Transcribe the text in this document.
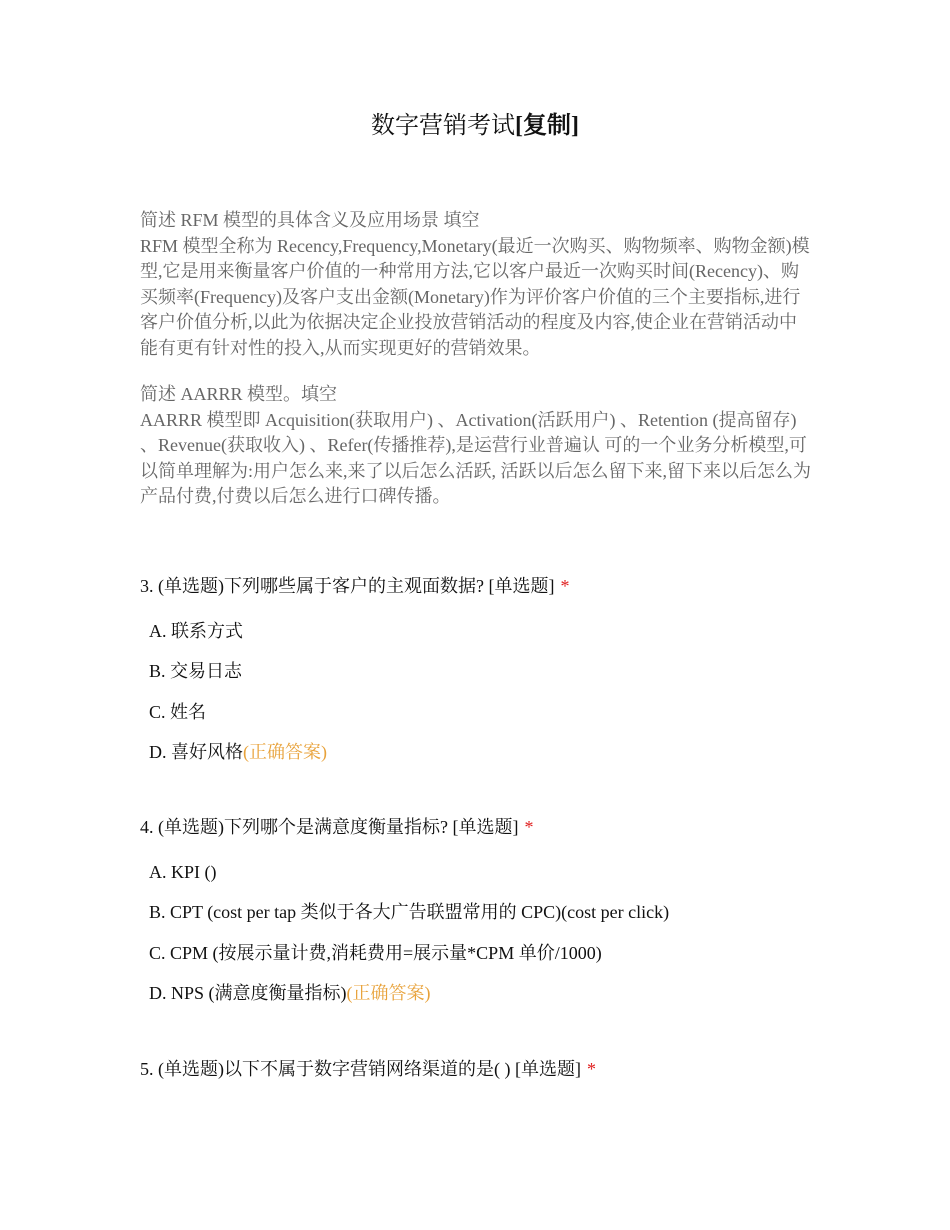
数字营销考试[复制]
简述 RFM 模型的具体含义及应用场景 填空
RFM 模型全称为 Recency,Frequency,Monetary(最近一次购买、购物频率、购物金额)模型,它是用来衡量客户价值的一种常用方法,它以客户最近一次购买时间(Recency)、购买频率(Frequency)及客户支出金额(Monetary)作为评价客户价值的三个主要指标,进行客户价值分析,以此为依据决定企业投放营销活动的程度及内容,使企业在营销活动中能有更有针对性的投入,从而实现更好的营销效果。
简述 AARRR 模型。填空
AARRR 模型即 Acquisition(获取用户) 、Activation(活跃用户) 、Retention (提高留存) 、Revenue(获取收入) 、Refer(传播推荐),是运营行业普遍认 可的一个业务分析模型,可以简单理解为:用户怎么来,来了以后怎么活跃, 活跃以后怎么留下来,留下来以后怎么为产品付费,付费以后怎么进行口碑传播。
3. (单选题)下列哪些属于客户的主观面数据? [单选题] *
A. 联系方式
B. 交易日志
C. 姓名
D. 喜好风格(正确答案)
4. (单选题)下列哪个是满意度衡量指标? [单选题] *
A. KPI ()
B. CPT (cost per tap 类似于各大广告联盟常用的 CPC)(cost per click)
C. CPM (按展示量计费,消耗费用=展示量*CPM 单价/1000)
D. NPS (满意度衡量指标)(正确答案)
5. (单选题)以下不属于数字营销网络渠道的是( ) [单选题] *
